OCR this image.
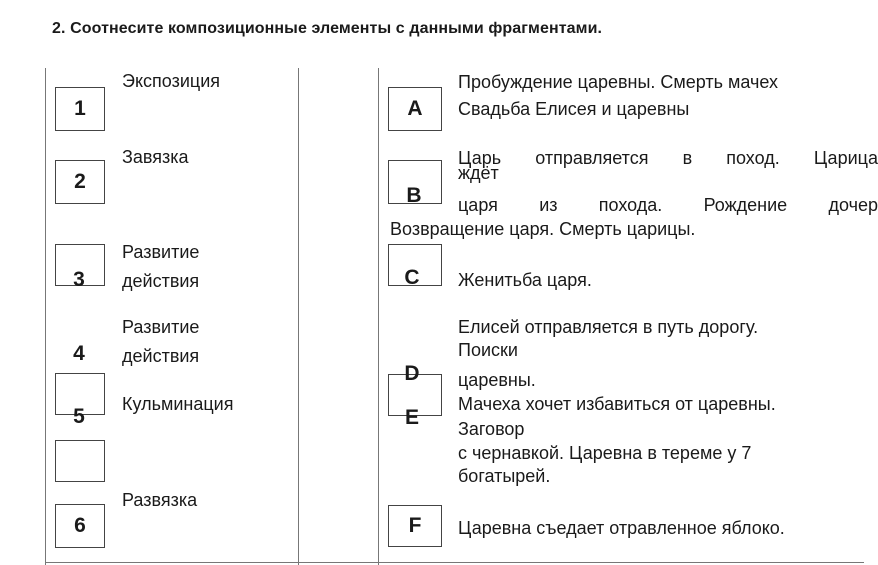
2. Соотнесите композиционные элементы с данными фрагментами.
1
2
3
4
5
6
Экспозиция
Завязка
Развитие
действия
Развитие
действия
Кульминация
Развязка
A
B
C
D
E
F
Пробуждение царевны. Смерть мачех
Свадьба Елисея и царевны
Царь отправляется в поход. Царица
ждёт
царя из похода. Рождение дочер
Возвращение царя. Смерть царицы.
Женитьба царя.
Елисей отправляется в путь дорогу.
Поиски
царевны.
Мачеха хочет избавиться от царевны.
Заговор
с чернавкой. Царевна в тереме у 7
богатырей.
Царевна съедает отравленное яблоко.
